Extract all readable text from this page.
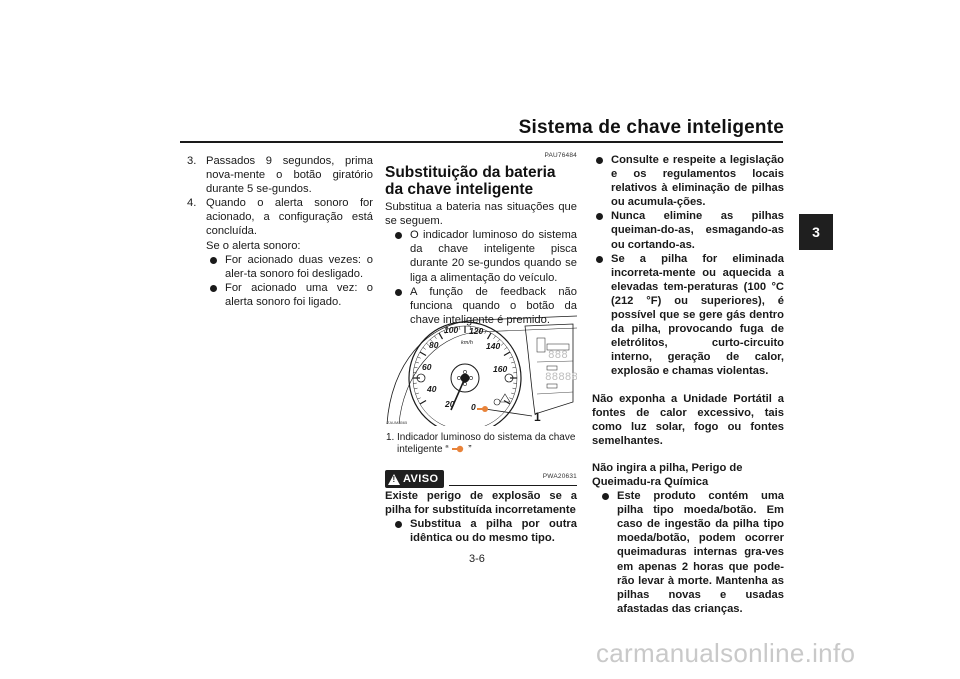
Sistema de chave inteligente
3
3. Passados 9 segundos, prima nova-mente o botão giratório durante 5 se-gundos.
4. Quando o alerta sonoro for acionado, a configuração está concluída.
Se o alerta sonoro:
For acionado duas vezes: o aler-ta sonoro foi desligado.
For acionado uma vez: o alerta sonoro foi ligado.
PAU76484
Substituição da bateria da chave inteligente

Substitua a bateria nas situações que se seguem.

O indicador luminoso do sistema da chave inteligente pisca durante 20 se-gundos quando se liga a alimentação do veículo.
A função de feedback não funciona quando o botão da chave inteligente é premido.
20
40
60
80
100 120
140
160
0
km/h
888
88888
1
ZAUM3565
1. Indicador luminoso do sistema da chave inteligente “ ”
! AVISO	PWA20631

Existe perigo de explosão se a pilha for substituída incorretamente

Substitua a pilha por outra idêntica ou do mesmo tipo.
Consulte e respeite a legislação e os regulamentos locais relativos à eliminação de pilhas ou acumula-ções.
Nunca elimine as pilhas queiman-do-as, esmagando-as ou cortando-as.
Se a pilha for eliminada incorreta-mente ou aquecida a elevadas tem-peraturas (100 °C (212 °F) ou superiores), é possível que se gere gás dentro da pilha, provocando fuga de eletrólitos, curto-circuito interno, geração de calor, explosão e chamas violentas.

Não exponha a Unidade Portátil a fontes de calor excessivo, tais como luz solar, fogo ou fontes semelhantes.

Não ingira a pilha, Perigo de Queimadu-ra Química

Este produto contém uma pilha tipo moeda/botão. Em caso de ingestão da pilha tipo moeda/botão, podem ocorrer queimaduras internas gra-ves em apenas 2 horas que pode-rão levar à morte. Mantenha as pilhas novas e usadas afastadas das crianças.
3-6
carmanualsonline.info
